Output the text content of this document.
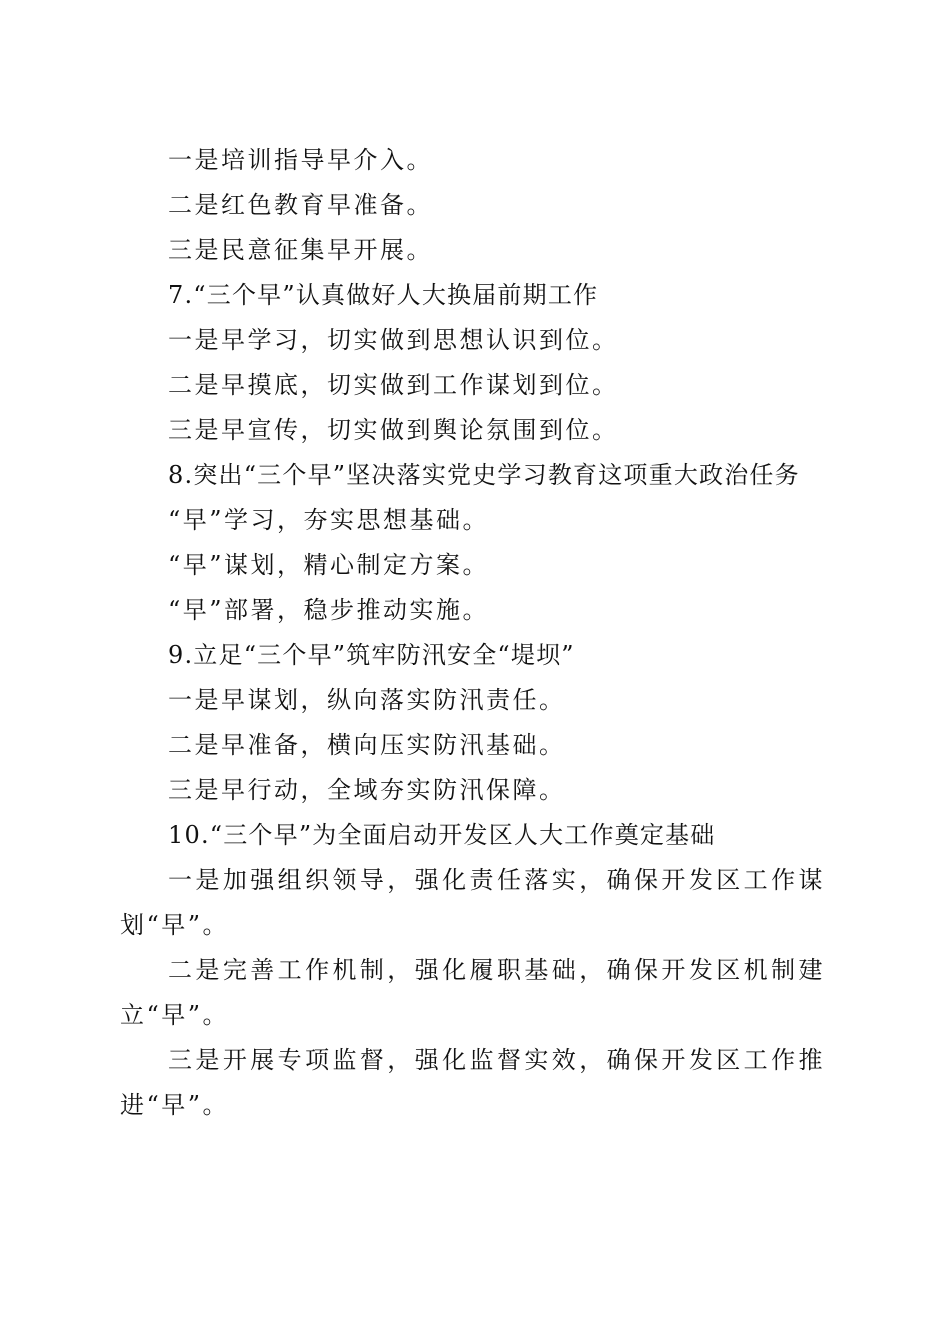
一是培训指导早介入。

二是红色教育早准备。

三是民意征集早开展。

7.“三个早”认真做好人大换届前期工作

一是早学习，切实做到思想认识到位。

二是早摸底，切实做到工作谋划到位。

三是早宣传，切实做到舆论氛围到位。

8.突出“三个早”坚决落实党史学习教育这项重大政治任务

“早”学习，夯实思想基础。

“早”谋划，精心制定方案。

“早”部署，稳步推动实施。

9.立足“三个早”筑牢防汛安全“堤坝”

一是早谋划，纵向落实防汛责任。

二是早准备，横向压实防汛基础。

三是早行动，全域夯实防汛保障。

10.“三个早”为全面启动开发区人大工作奠定基础

一是加强组织领导，强化责任落实，确保开发区工作谋划“早”。

二是完善工作机制，强化履职基础，确保开发区机制建立“早”。

三是开展专项监督，强化监督实效，确保开发区工作推进“早”。
